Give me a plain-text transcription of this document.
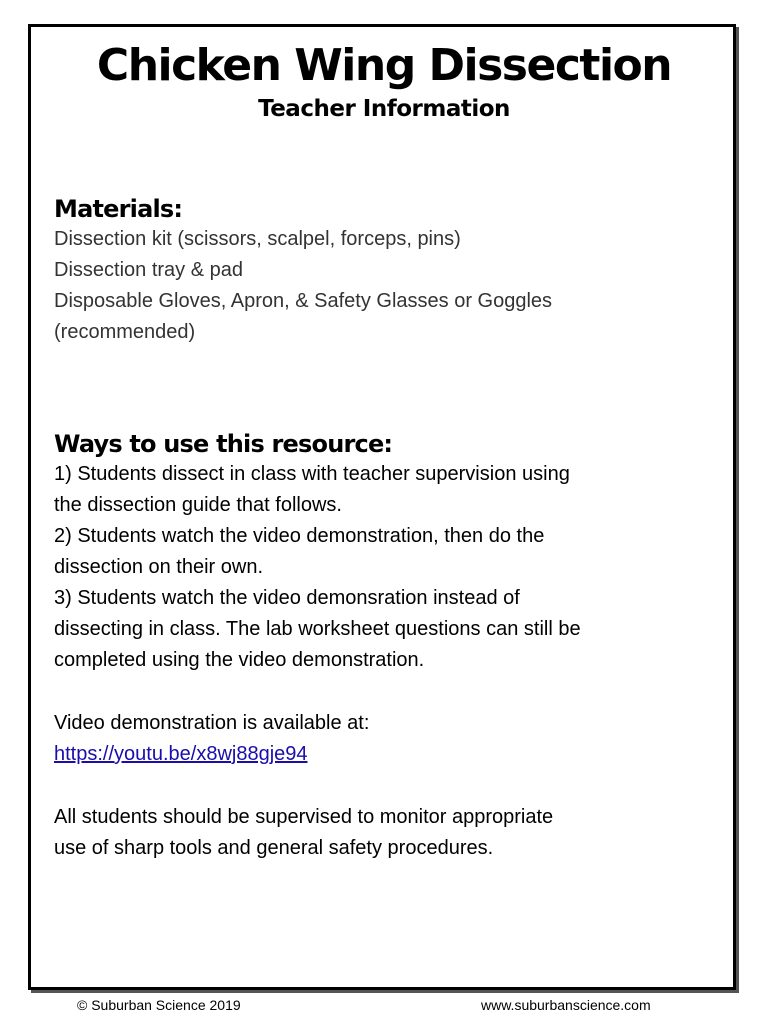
Chicken Wing Dissection
Teacher Information
Materials:
Dissection kit (scissors, scalpel, forceps, pins)
Dissection tray & pad
Disposable Gloves, Apron, & Safety Glasses or Goggles
(recommended)
Ways to use this resource:
1) Students dissect in class with teacher supervision using
the dissection guide that follows.
2) Students watch the video demonstration, then do the
dissection on their own.
3) Students watch the video demonsration instead of
dissecting in class. The lab worksheet questions can still be
completed using the video demonstration.
Video demonstration is available at:
https://youtu.be/x8wj88gje94
All students should be supervised to monitor appropriate
use of sharp tools and general safety procedures.
© Suburban Science 2019	www.suburbanscience.com
